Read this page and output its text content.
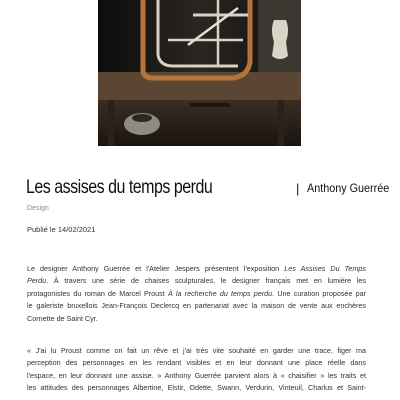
Les assises du temps perdu	| Anthony Guerrée
Design
Publié le 14/02/2021
Le designer Anthony Guerrée et l'Atelier Jespers présentent l'exposition Les Assises Du Temps
Perdu. À travers une série de chaises sculpturales, le designer français met en lumière les
protagonistes du roman de Marcel Proust À la recherche du temps perdu. Une curation proposée par
le galeriste bruxellois Jean-François Declercq en partenariat avec la maison de vente aux enchères
Cornette de Saint Cyr.
« J'ai lu Proust comme on fait un rêve et j'ai très vite souhaité en garder une trace, figer ma
perception des personnages en les rendant visibles et en leur donnant une place réelle dans
l'espace, en leur donnant une assise. » Anthony Guerrée parvient alors à « chaisifier » les traits et
les attitudes des personnages Albertine, Elstir, Odette, Swann, Verdurin, Vinteuil, Charlus et Saint-
